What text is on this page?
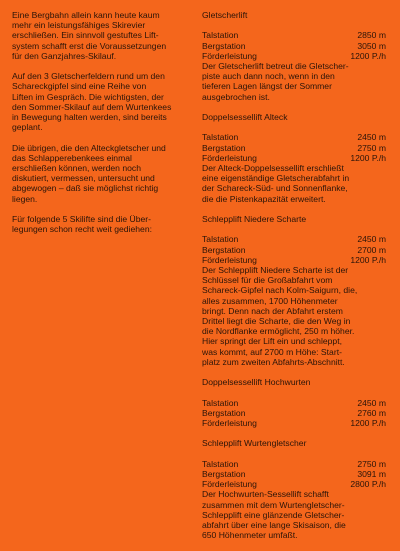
Eine Bergbahn allein kann heute kaum
mehr ein leistungsfähiges Skirevier
erschließen. Ein sinnvoll gestuftes Lift-
system schafft erst die Voraussetzungen
für den Ganzjahres-Skilauf.

Auf den 3 Gletscherfeldern rund um den
Schareckgipfel sind eine Reihe von
Liften im Gespräch. Die wichtigsten, der
den Sommer-Skilauf auf dem Wurtenkees
in Bewegung halten werden, sind bereits
geplant.

Die übrigen, die den Alteckgletscher und
das Schlapperebenkees einmal
erschließen können, werden noch
diskutiert, vermessen, untersucht und
abgewogen – daß sie möglichst richtig
liegen.

Für folgende 5 Skilifte sind die Über-
legungen schon recht weit gediehen:

Gletscherlift
Talstation	2850 m
Bergstation	3050 m
Förderleistung	1200 P./h
Der Gletscherlift betreut die Gletscher-
piste auch dann noch, wenn in den
tieferen Lagen längst der Sommer
ausgebrochen ist.
Doppelsessellift Alteck
Talstation	2450 m
Bergstation	2750 m
Förderleistung	1200 P./h
Der Alteck-Doppelsessellift erschließt
eine eigenständige Gletscherabfahrt in
der Schareck-Süd- und Sonnenflanke,
die die Pistenkapazität erweitert.
Schlepplift Niedere Scharte
Talstation	2450 m
Bergstation	2700 m
Förderleistung	1200 P./h
Der Schlepplift Niedere Scharte ist der
Schlüssel für die Großabfahrt vom
Schareck-Gipfel nach Kolm-Saigurn, die,
alles zusammen, 1700 Höhenmeter
bringt. Denn nach der Abfahrt erstem
Drittel liegt die Scharte, die den Weg in
die Nordflanke ermöglicht, 250 m höher.
Hier springt der Lift ein und schleppt,
was kommt, auf 2700 m Höhe: Start-
platz zum zweiten Abfahrts-Abschnitt.
Doppelsessellift Hochwurten
Talstation	2450 m
Bergstation	2760 m
Förderleistung	1200 P./h
Schlepplift Wurtengletscher
Talstation	2750 m
Bergstation	3091 m
Förderleistung	2800 P./h
Der Hochwurten-Sessellift schafft
zusammen mit dem Wurtengletscher-
Schlepplift eine glänzende Gletscher-
abfahrt über eine lange Skisaison, die
650 Höhenmeter umfaßt.
